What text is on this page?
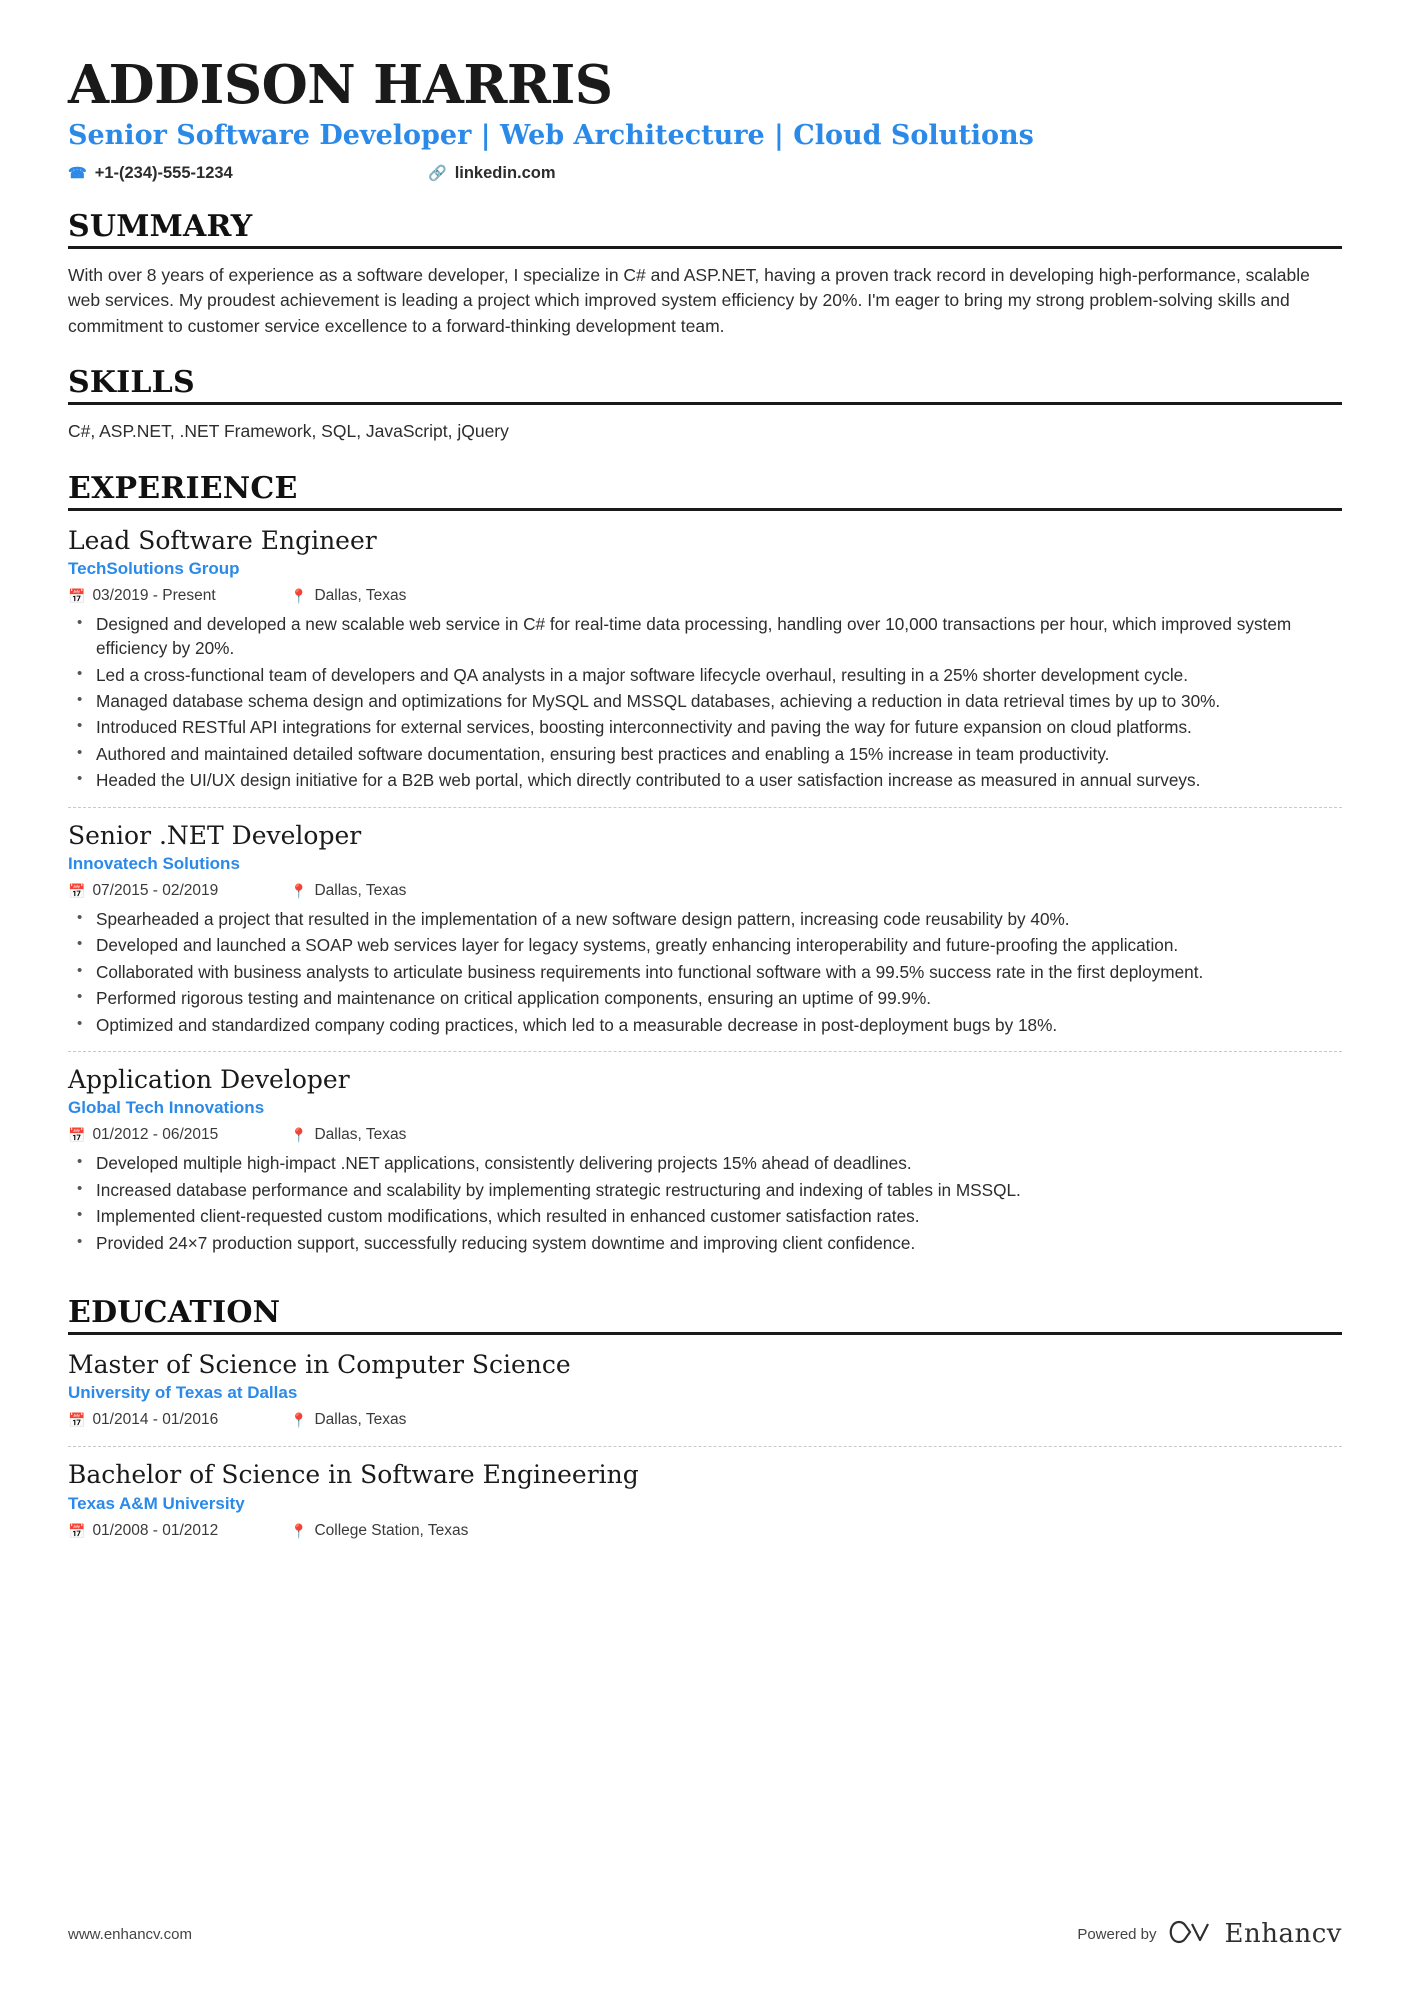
ADDISON HARRIS
Senior Software Developer | Web Architecture | Cloud Solutions
☎ +1-(234)-555-1234	🔗 linkedin.com
SUMMARY
With over 8 years of experience as a software developer, I specialize in C# and ASP.NET, having a proven track record in developing high-performance, scalable web services. My proudest achievement is leading a project which improved system efficiency by 20%. I'm eager to bring my strong problem-solving skills and commitment to customer service excellence to a forward-thinking development team.
SKILLS
C#, ASP.NET, .NET Framework, SQL, JavaScript, jQuery
EXPERIENCE
Lead Software Engineer
TechSolutions Group
📅 03/2019 - Present	📍 Dallas, Texas
• Designed and developed a new scalable web service in C# for real-time data processing, handling over 10,000 transactions per hour, which improved system efficiency by 20%.
• Led a cross-functional team of developers and QA analysts in a major software lifecycle overhaul, resulting in a 25% shorter development cycle.
• Managed database schema design and optimizations for MySQL and MSSQL databases, achieving a reduction in data retrieval times by up to 30%.
• Introduced RESTful API integrations for external services, boosting interconnectivity and paving the way for future expansion on cloud platforms.
• Authored and maintained detailed software documentation, ensuring best practices and enabling a 15% increase in team productivity.
• Headed the UI/UX design initiative for a B2B web portal, which directly contributed to a user satisfaction increase as measured in annual surveys.
Senior .NET Developer
Innovatech Solutions
📅 07/2015 - 02/2019	📍 Dallas, Texas
• Spearheaded a project that resulted in the implementation of a new software design pattern, increasing code reusability by 40%.
• Developed and launched a SOAP web services layer for legacy systems, greatly enhancing interoperability and future-proofing the application.
• Collaborated with business analysts to articulate business requirements into functional software with a 99.5% success rate in the first deployment.
• Performed rigorous testing and maintenance on critical application components, ensuring an uptime of 99.9%.
• Optimized and standardized company coding practices, which led to a measurable decrease in post-deployment bugs by 18%.
Application Developer
Global Tech Innovations
📅 01/2012 - 06/2015	📍 Dallas, Texas
• Developed multiple high-impact .NET applications, consistently delivering projects 15% ahead of deadlines.
• Increased database performance and scalability by implementing strategic restructuring and indexing of tables in MSSQL.
• Implemented client-requested custom modifications, which resulted in enhanced customer satisfaction rates.
• Provided 24×7 production support, successfully reducing system downtime and improving client confidence.
EDUCATION
Master of Science in Computer Science
University of Texas at Dallas
📅 01/2014 - 01/2016	📍 Dallas, Texas
Bachelor of Science in Software Engineering
Texas A&M University
📅 01/2008 - 01/2012	📍 College Station, Texas
www.enhancv.com	Powered by	Enhancv
